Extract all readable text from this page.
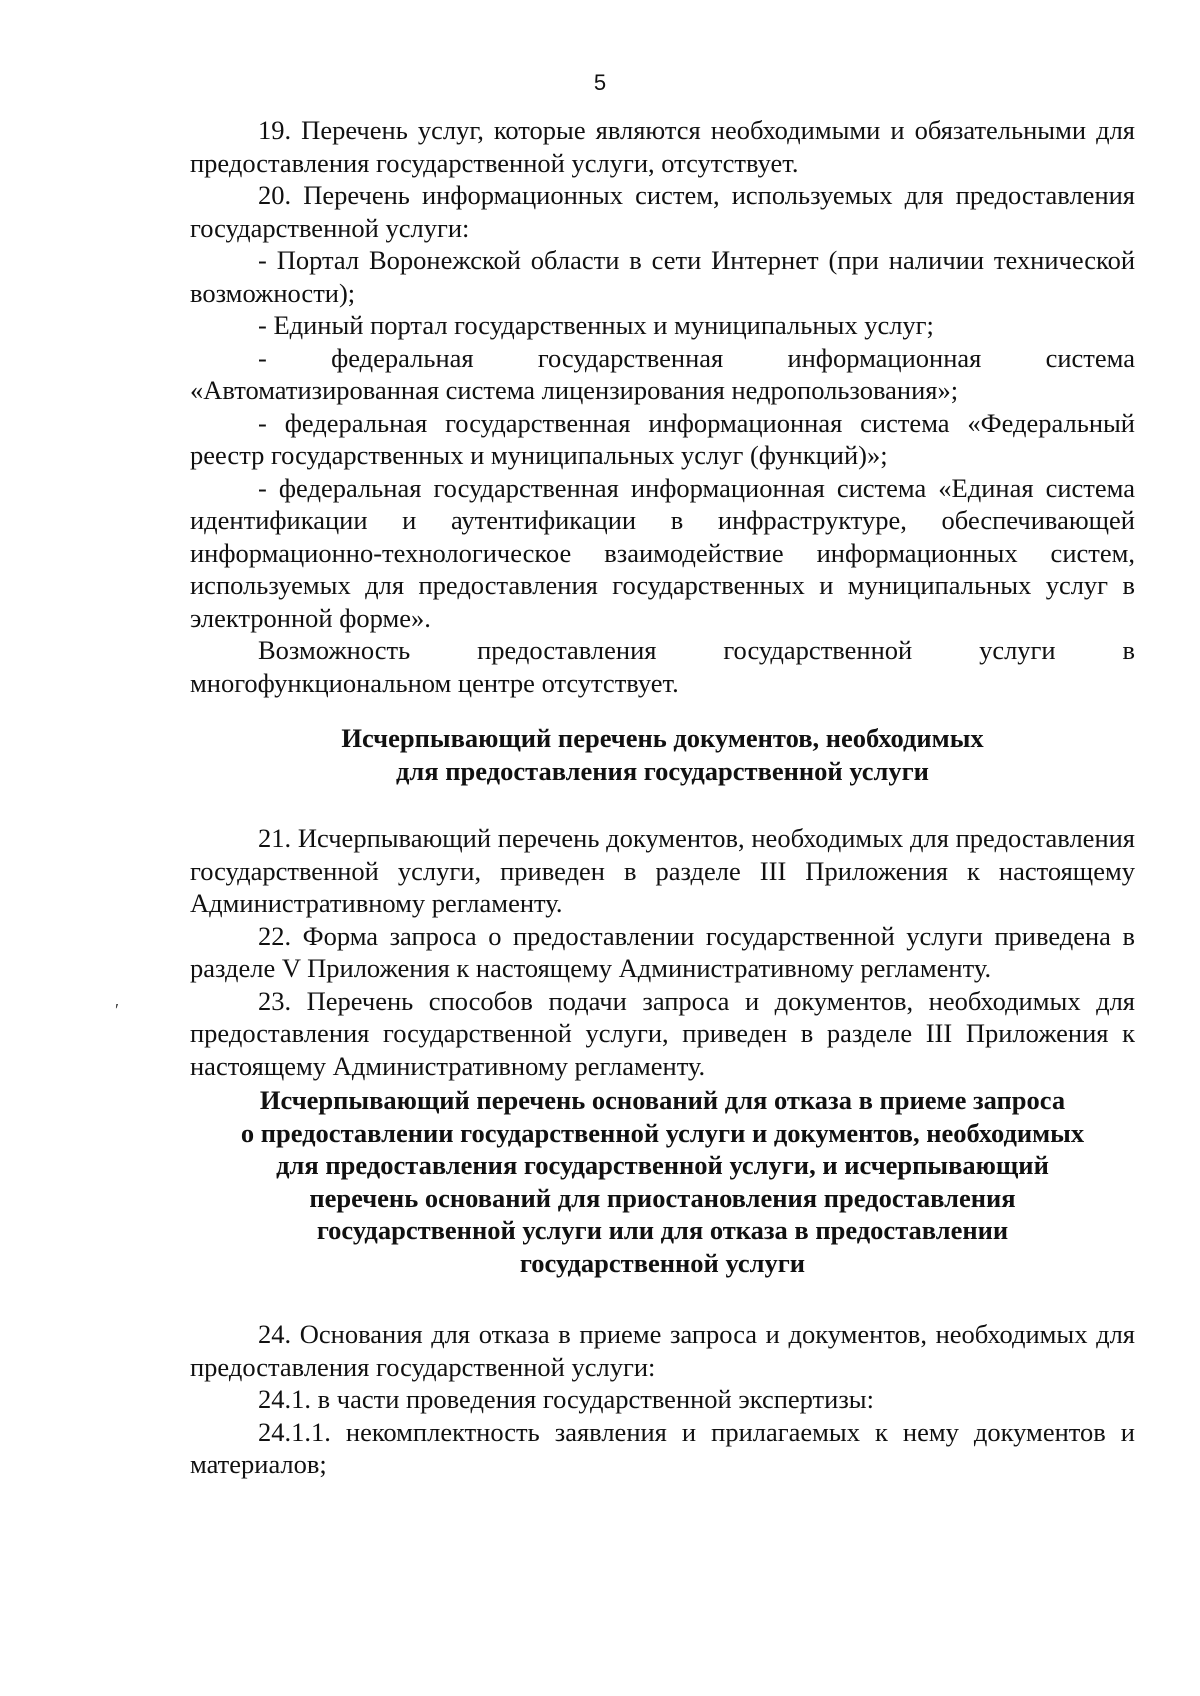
5

19. Перечень услуг, которые являются необходимыми и обязательными для предоставления государственной услуги, отсутствует.

20. Перечень информационных систем, используемых для предоставления государственной услуги:

- Портал Воронежской области в сети Интернет (при наличии технической возможности);

- Единый портал государственных и муниципальных услуг;

- федеральная государственная информационная система «Автоматизированная система лицензирования недропользования»;

- федеральная государственная информационная система «Федеральный реестр государственных и муниципальных услуг (функций)»;

- федеральная государственная информационная система «Единая система идентификации и аутентификации в инфраструктуре, обеспечивающей информационно-технологическое взаимодействие информационных систем, используемых для предоставления государственных и муниципальных услуг в электронной форме».

Возможность предоставления государственной услуги в многофункциональном центре отсутствует.

Исчерпывающий перечень документов, необходимых

для предоставления государственной услуги

21. Исчерпывающий перечень документов, необходимых для предоставления государственной услуги, приведен в разделе III Приложения к настоящему Административному регламенту.

22. Форма запроса о предоставлении государственной услуги приведена в разделе V Приложения к настоящему Административному регламенту.

23. Перечень способов подачи запроса и документов, необходимых для предоставления государственной услуги, приведен в разделе III Приложения к настоящему Административному регламенту.

Исчерпывающий перечень оснований для отказа в приеме запроса

о предоставлении государственной услуги и документов, необходимых

для предоставления государственной услуги, и исчерпывающий

перечень оснований для приостановления предоставления

государственной услуги или для отказа в предоставлении

государственной услуги

24. Основания для отказа в приеме запроса и документов, необходимых для предоставления государственной услуги:

24.1. в части проведения государственной экспертизы:

24.1.1. некомплектность заявления и прилагаемых к нему документов и материалов;

′
